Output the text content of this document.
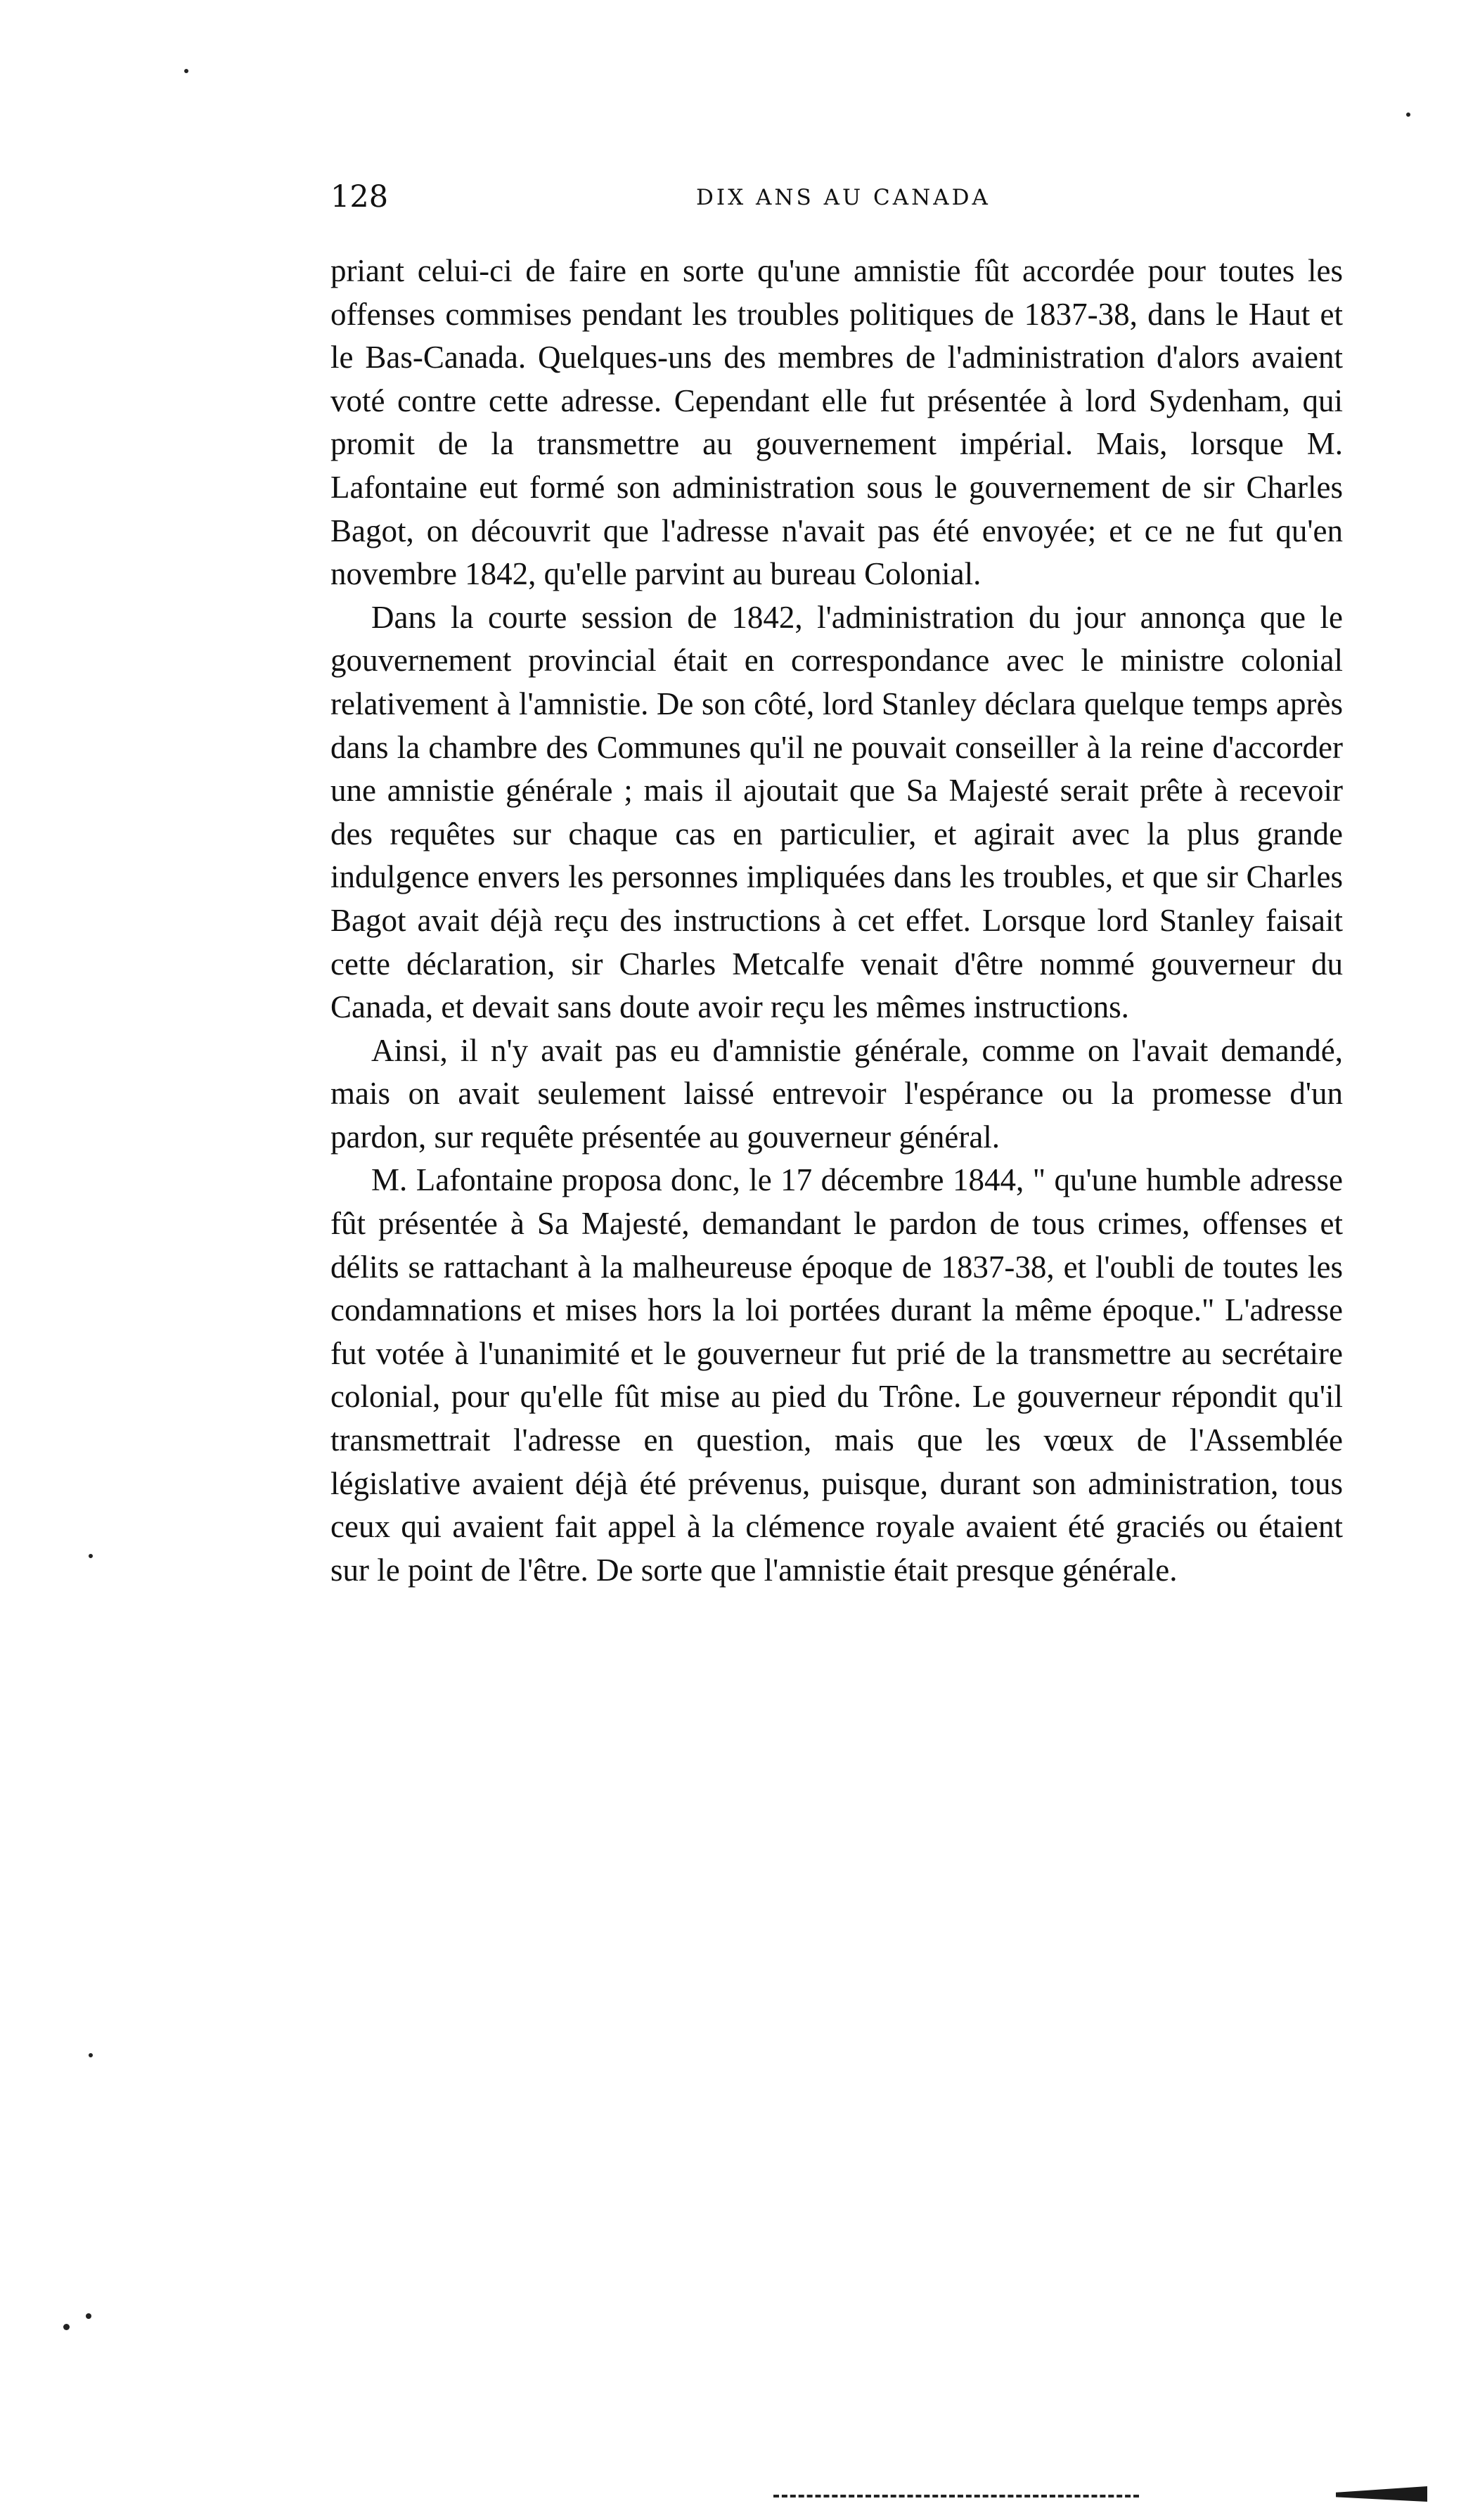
128	DIX ANS AU CANADA

priant celui-ci de faire en sorte qu'une amnistie fût accordée pour toutes les offenses commises pendant les troubles politiques de 1837-38, dans le Haut et le Bas-Canada. Quelques-uns des membres de l'administration d'alors avaient voté contre cette adresse. Cependant elle fut présentée à lord Sydenham, qui promit de la transmettre au gouvernement impérial. Mais, lorsque M. Lafontaine eut formé son administration sous le gouvernement de sir Charles Bagot, on découvrit que l'adresse n'avait pas été envoyée; et ce ne fut qu'en novembre 1842, qu'elle parvint au bureau Colonial.

Dans la courte session de 1842, l'administration du jour annonça que le gouvernement provincial était en correspondance avec le ministre colonial relativement à l'amnistie. De son côté, lord Stanley déclara quelque temps après dans la chambre des Communes qu'il ne pouvait conseiller à la reine d'accorder une amnistie générale ; mais il ajoutait que Sa Majesté serait prête à recevoir des requêtes sur chaque cas en particulier, et agirait avec la plus grande indulgence envers les personnes impliquées dans les troubles, et que sir Charles Bagot avait déjà reçu des instructions à cet effet. Lorsque lord Stanley faisait cette déclaration, sir Charles Metcalfe venait d'être nommé gouverneur du Canada, et devait sans doute avoir reçu les mêmes instructions.

Ainsi, il n'y avait pas eu d'amnistie générale, comme on l'avait demandé, mais on avait seulement laissé entrevoir l'espérance ou la promesse d'un pardon, sur requête présentée au gouverneur général.

M. Lafontaine proposa donc, le 17 décembre 1844, " qu'une humble adresse fût présentée à Sa Majesté, demandant le pardon de tous crimes, offenses et délits se rattachant à la malheureuse époque de 1837-38, et l'oubli de toutes les condamnations et mises hors la loi portées durant la même époque." L'adresse fut votée à l'unanimité et le gouverneur fut prié de la transmettre au secrétaire colonial, pour qu'elle fût mise au pied du Trône. Le gouverneur répondit qu'il transmettrait l'adresse en question, mais que les vœux de l'Assemblée législative avaient déjà été prévenus, puisque, durant son administration, tous ceux qui avaient fait appel à la clémence royale avaient été graciés ou étaient sur le point de l'être. De sorte que l'amnistie était presque générale.
